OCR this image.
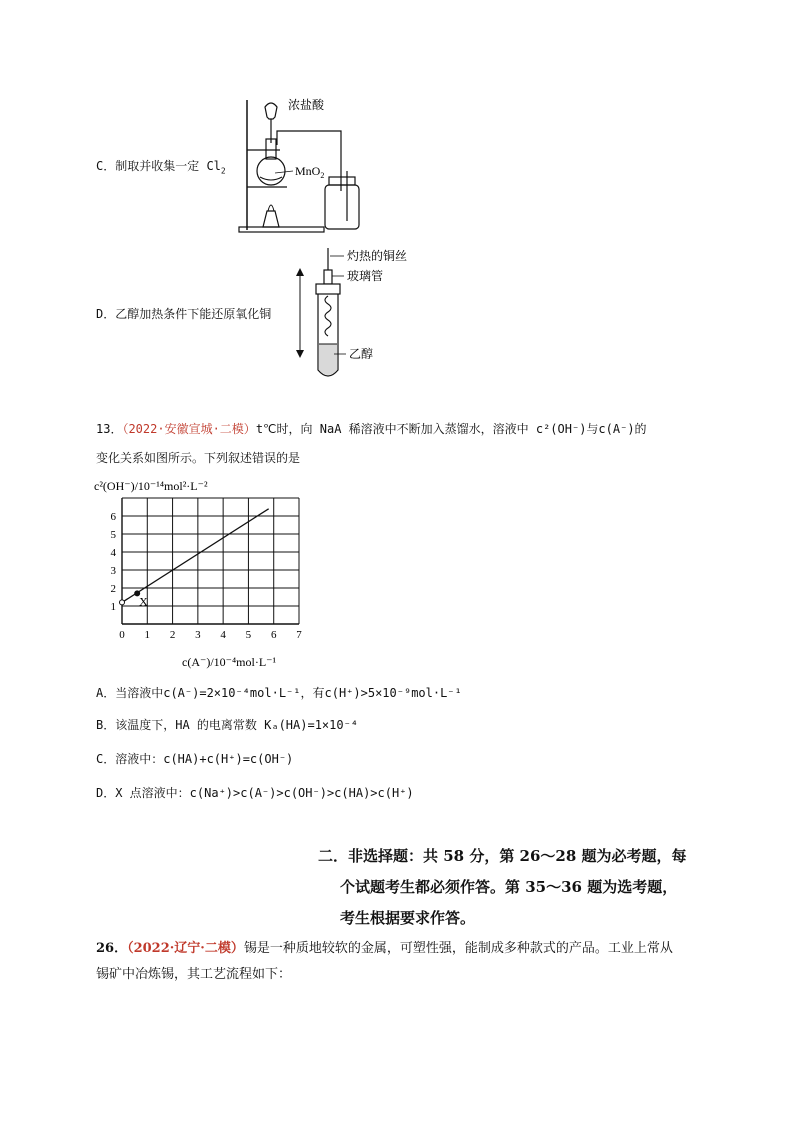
C．制取并收集一定 $Cl_2$
浓盐酸
MnO$_2$
D．乙醇加热条件下能还原氧化铜
灼热的铜丝
玻璃管
乙醇
13．（2022·安徽宣城·二模）t℃时，向 NaA 稀溶液中不断加入蒸馏水，溶液中 c²(OH⁻)与c(A⁻)的
变化关系如图所示。下列叙述错误的是
c²(OH⁻)/10⁻¹⁴mol²·L⁻²
0 1 2 3 4 5 6 7
1
2
3
4
5
6
X
c(A⁻)/10⁻⁴mol·L⁻¹
A．当溶液中c(A⁻)=2×10⁻⁴mol·L⁻¹，有c(H⁺)>5×10⁻⁹mol·L⁻¹
B．该温度下，HA 的电离常数 Kₐ(HA)=1×10⁻⁴
C．溶液中：c(HA)+c(H⁺)=c(OH⁻)
D．X 点溶液中：c(Na⁺)>c(A⁻)>c(OH⁻)>c(HA)>c(H⁺)
二．非选择题：共 58 分，第 26～28 题为必考题，每
个试题考生都必须作答。第 35～36 题为选考题，
考生根据要求作答。
26．（2022·辽宁·二模）锡是一种质地较软的金属，可塑性强，能制成多种款式的产品。工业上常从
锡矿中冶炼锡，其工艺流程如下：
